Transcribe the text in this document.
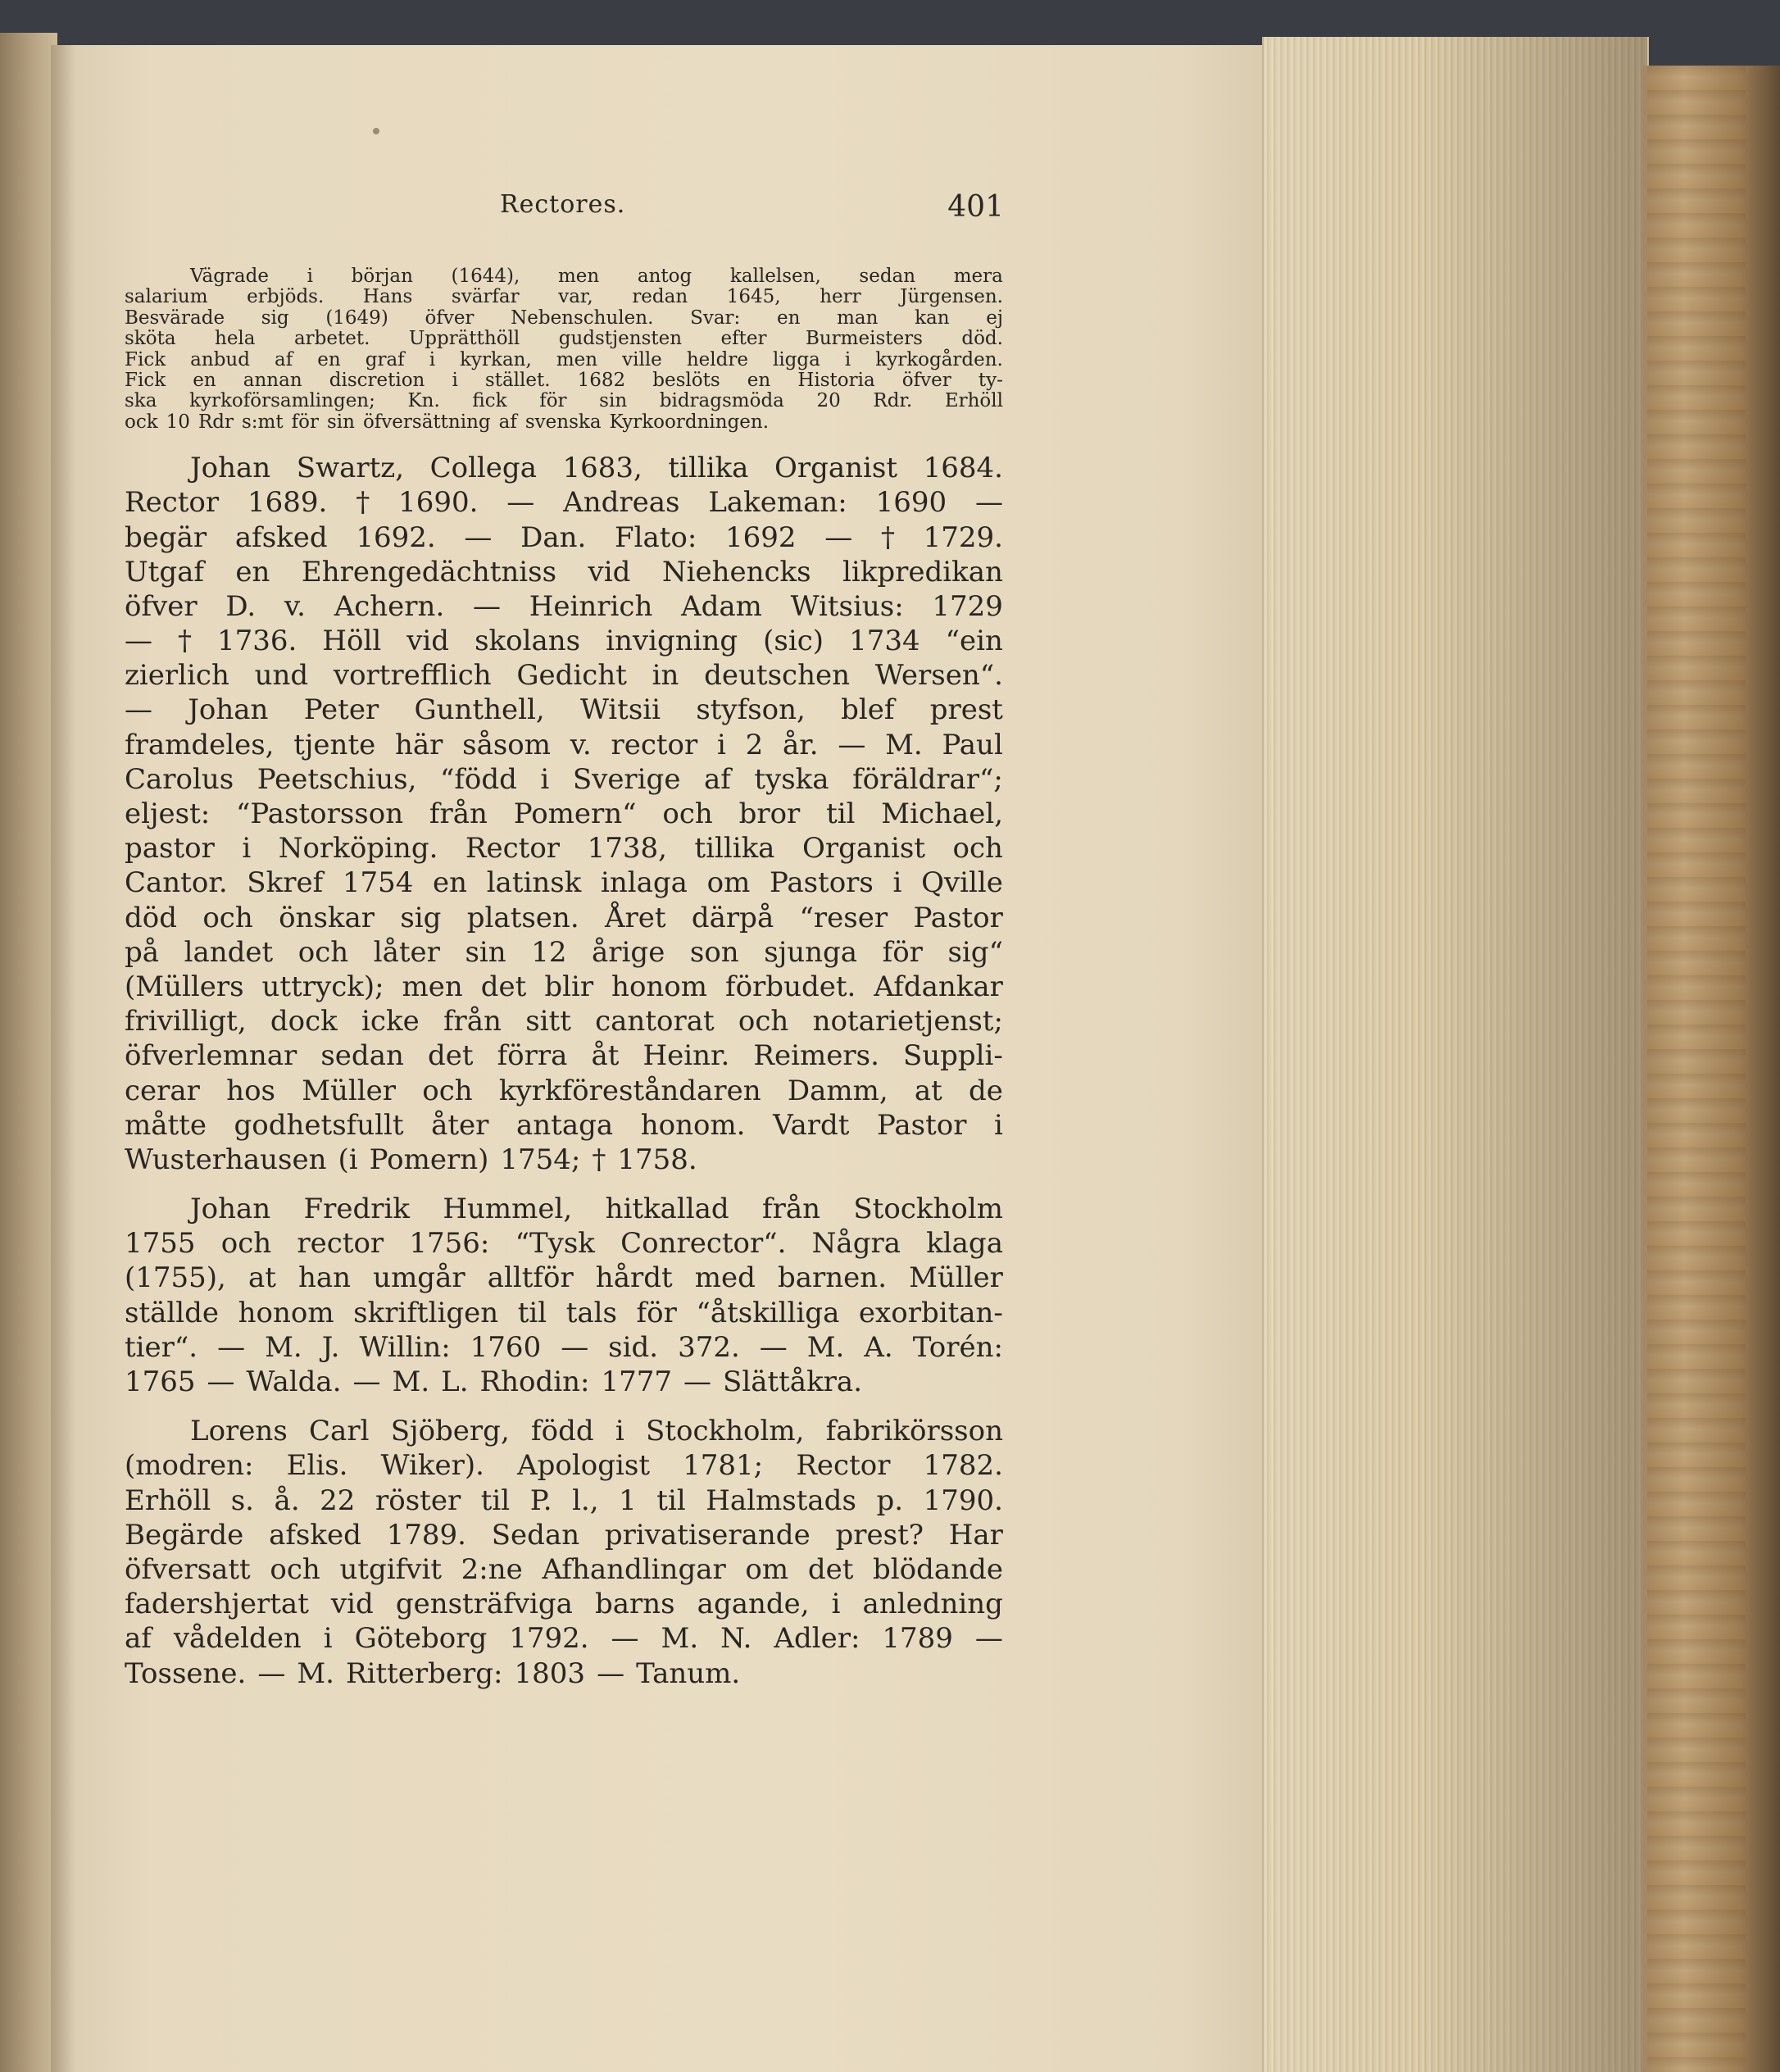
Rectores.	401
Vägrade i början (1644), men antog kallelsen, sedan mera
salarium erbjöds. Hans svärfar var, redan 1645, herr Jürgensen.
Besvärade sig (1649) öfver Nebenschulen. Svar: en man kan ej
sköta hela arbetet. Upprätthöll gudstjensten efter Burmeisters död.
Fick anbud af en graf i kyrkan, men ville heldre ligga i kyrkogården.
Fick en annan discretion i stället. 1682 beslöts en Historia öfver ty-
ska kyrkoförsamlingen; Kn. fick för sin bidragsmöda 20 Rdr. Erhöll
ock 10 Rdr s:mt för sin öfversättning af svenska Kyrkoordningen.
Johan Swartz, Collega 1683, tillika Organist 1684.
Rector 1689. † 1690. — Andreas Lakeman: 1690 —
begär afsked 1692. — Dan. Flato: 1692 — † 1729.
Utgaf en Ehrengedächtniss vid Niehencks likpredikan
öfver D. v. Achern. — Heinrich Adam Witsius: 1729
— † 1736. Höll vid skolans invigning (sic) 1734 “ein
zierlich und vortrefflich Gedicht in deutschen Wersen“.
— Johan Peter Gunthell, Witsii styfson, blef prest
framdeles, tjente här såsom v. rector i 2 år. — M. Paul
Carolus Peetschius, “född i Sverige af tyska föräldrar“;
eljest: “Pastorsson från Pomern“ och bror til Michael,
pastor i Norköping. Rector 1738, tillika Organist och
Cantor. Skref 1754 en latinsk inlaga om Pastors i Qville
död och önskar sig platsen. Året därpå “reser Pastor
på landet och låter sin 12 årige son sjunga för sig“
(Müllers uttryck); men det blir honom förbudet. Afdankar
frivilligt, dock icke från sitt cantorat och notarietjenst;
öfverlemnar sedan det förra åt Heinr. Reimers. Suppli-
cerar hos Müller och kyrkföreståndaren Damm, at de
måtte godhetsfullt åter antaga honom. Vardt Pastor i
Wusterhausen (i Pomern) 1754; † 1758.
Johan Fredrik Hummel, hitkallad från Stockholm
1755 och rector 1756: “Tysk Conrector“. Några klaga
(1755), at han umgår alltför hårdt med barnen. Müller
ställde honom skriftligen til tals för “åtskilliga exorbitan-
tier“. — M. J. Willin: 1760 — sid. 372. — M. A. Torén:
1765 — Walda. — M. L. Rhodin: 1777 — Slättåkra.
Lorens Carl Sjöberg, född i Stockholm, fabrikörsson
(modren: Elis. Wiker). Apologist 1781; Rector 1782.
Erhöll s. å. 22 röster til P. l., 1 til Halmstads p. 1790.
Begärde afsked 1789. Sedan privatiserande prest? Har
öfversatt och utgifvit 2:ne Afhandlingar om det blödande
fadershjertat vid gensträfviga barns agande, i anledning
af vådelden i Göteborg 1792. — M. N. Adler: 1789 —
Tossene. — M. Ritterberg: 1803 — Tanum.
